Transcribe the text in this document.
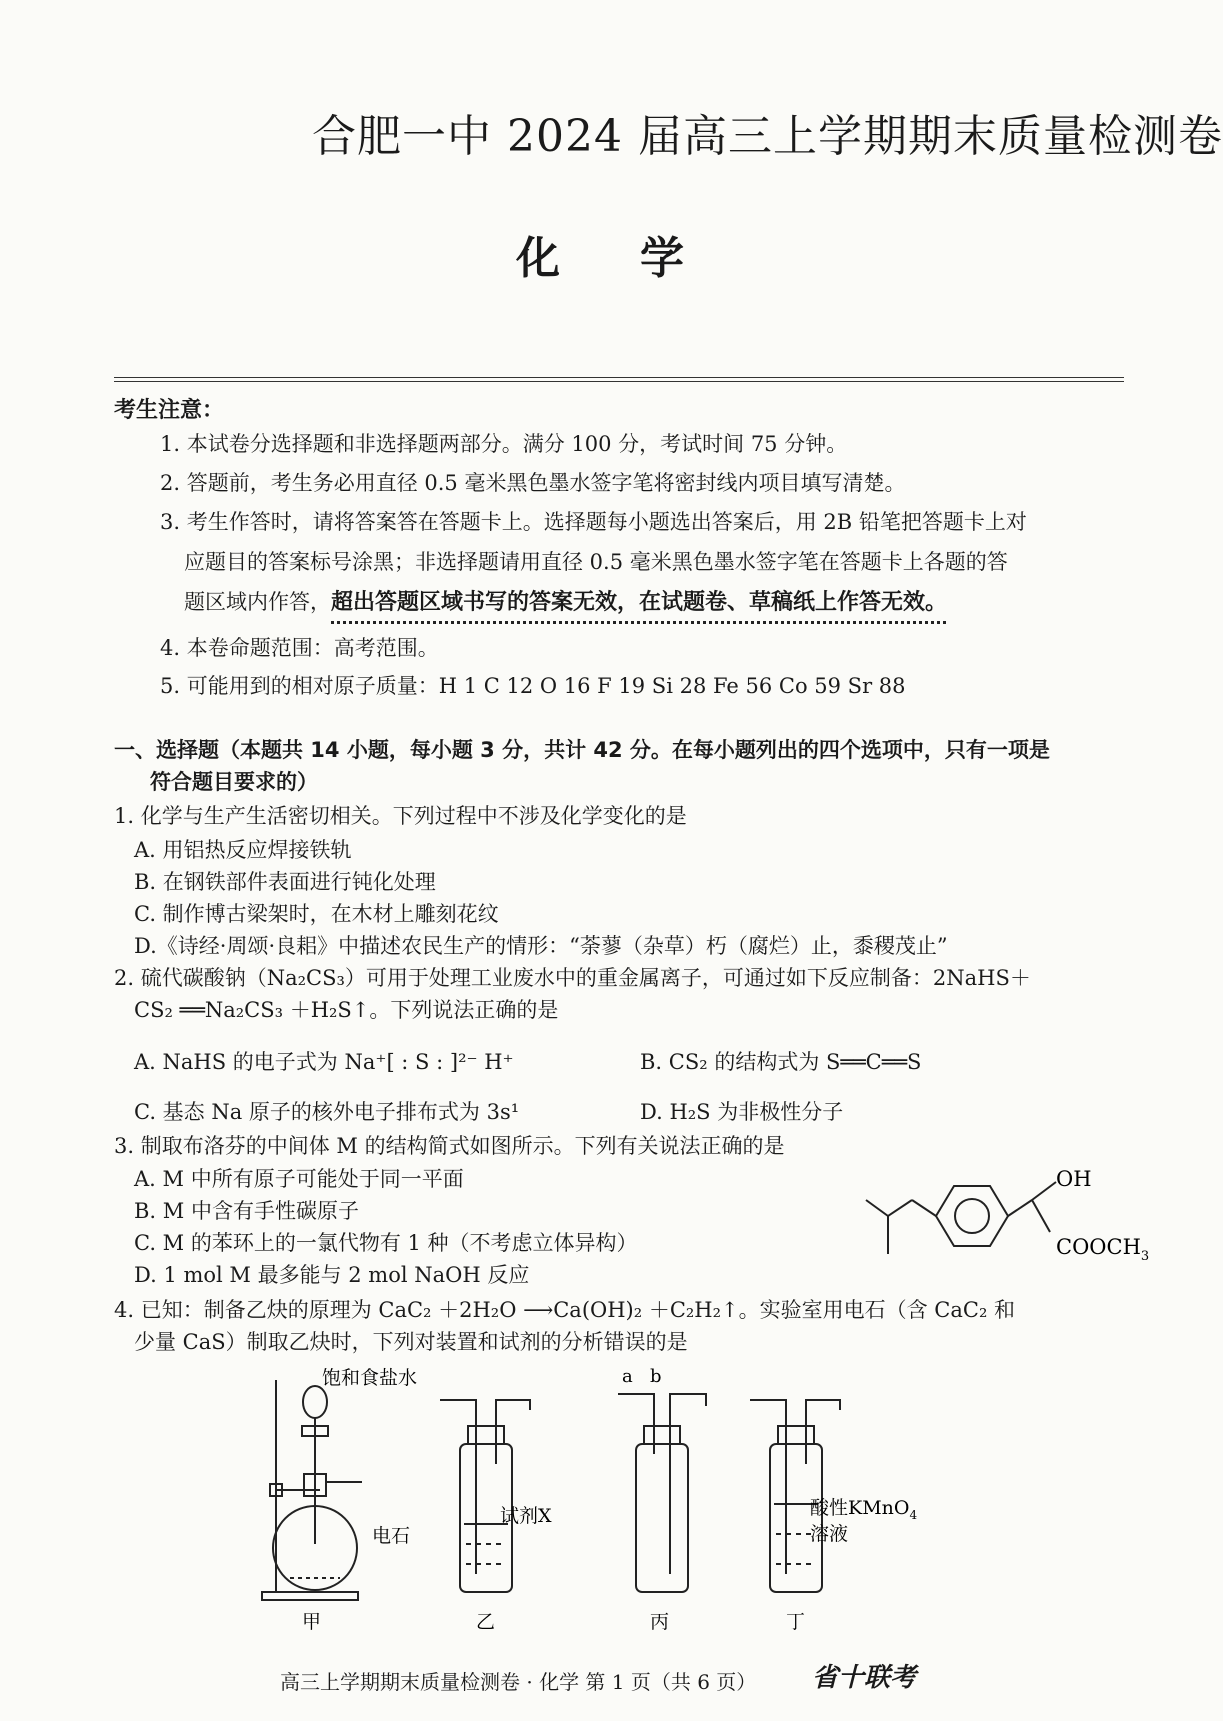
合肥一中 2024 届高三上学期期末质量检测卷
化学
考生注意：
1. 本试卷分选择题和非选择题两部分。满分 100 分，考试时间 75 分钟。
2. 答题前，考生务必用直径 0.5 毫米黑色墨水签字笔将密封线内项目填写清楚。
3. 考生作答时，请将答案答在答题卡上。选择题每小题选出答案后，用 2B 铅笔把答题卡上对
应题目的答案标号涂黑；非选择题请用直径 0.5 毫米黑色墨水签字笔在答题卡上各题的答
题区域内作答，超出答题区域书写的答案无效，在试题卷、草稿纸上作答无效。
4. 本卷命题范围：高考范围。
5. 可能用到的相对原子质量：H 1 C 12 O 16 F 19 Si 28 Fe 56 Co 59 Sr 88
一、选择题（本题共 14 小题，每小题 3 分，共计 42 分。在每小题列出的四个选项中，只有一项是
符合题目要求的）
1. 化学与生产生活密切相关。下列过程中不涉及化学变化的是
A. 用铝热反应焊接铁轨
B. 在钢铁部件表面进行钝化处理
C. 制作博古梁架时，在木材上雕刻花纹
D.《诗经·周颂·良耜》中描述农民生产的情形：“荼蓼（杂草）朽（腐烂）止，黍稷茂止”
2. 硫代碳酸钠（Na₂CS₃）可用于处理工业废水中的重金属离子，可通过如下反应制备：2NaHS＋
CS₂ ══Na₂CS₃ ＋H₂S↑。下列说法正确的是
A. NaHS 的电子式为 Na⁺[ : S : ]²⁻ H⁺	B. CS₂ 的结构式为 S══C══S
C. 基态 Na 原子的核外电子排布式为 3s¹	D. H₂S 为非极性分子
3. 制取布洛芬的中间体 M 的结构简式如图所示。下列有关说法正确的是
A. M 中所有原子可能处于同一平面
B. M 中含有手性碳原子
C. M 的苯环上的一氯代物有 1 种（不考虑立体异构）
D. 1 mol M 最多能与 2 mol NaOH 反应
OH
$COOCH_3$
4. 已知：制备乙炔的原理为 CaC₂ ＋2H₂O ⟶Ca(OH)₂ ＋C₂H₂↑。实验室用电石（含 CaC₂ 和
少量 CaS）制取乙炔时，下列对装置和试剂的分析错误的是
饱和食盐水
电石
甲
试剂X
乙
a b
丙
酸性KMnO$_4$
溶液
丁
高三上学期期末质量检测卷 · 化学 第 1 页（共 6 页） 省十联考
